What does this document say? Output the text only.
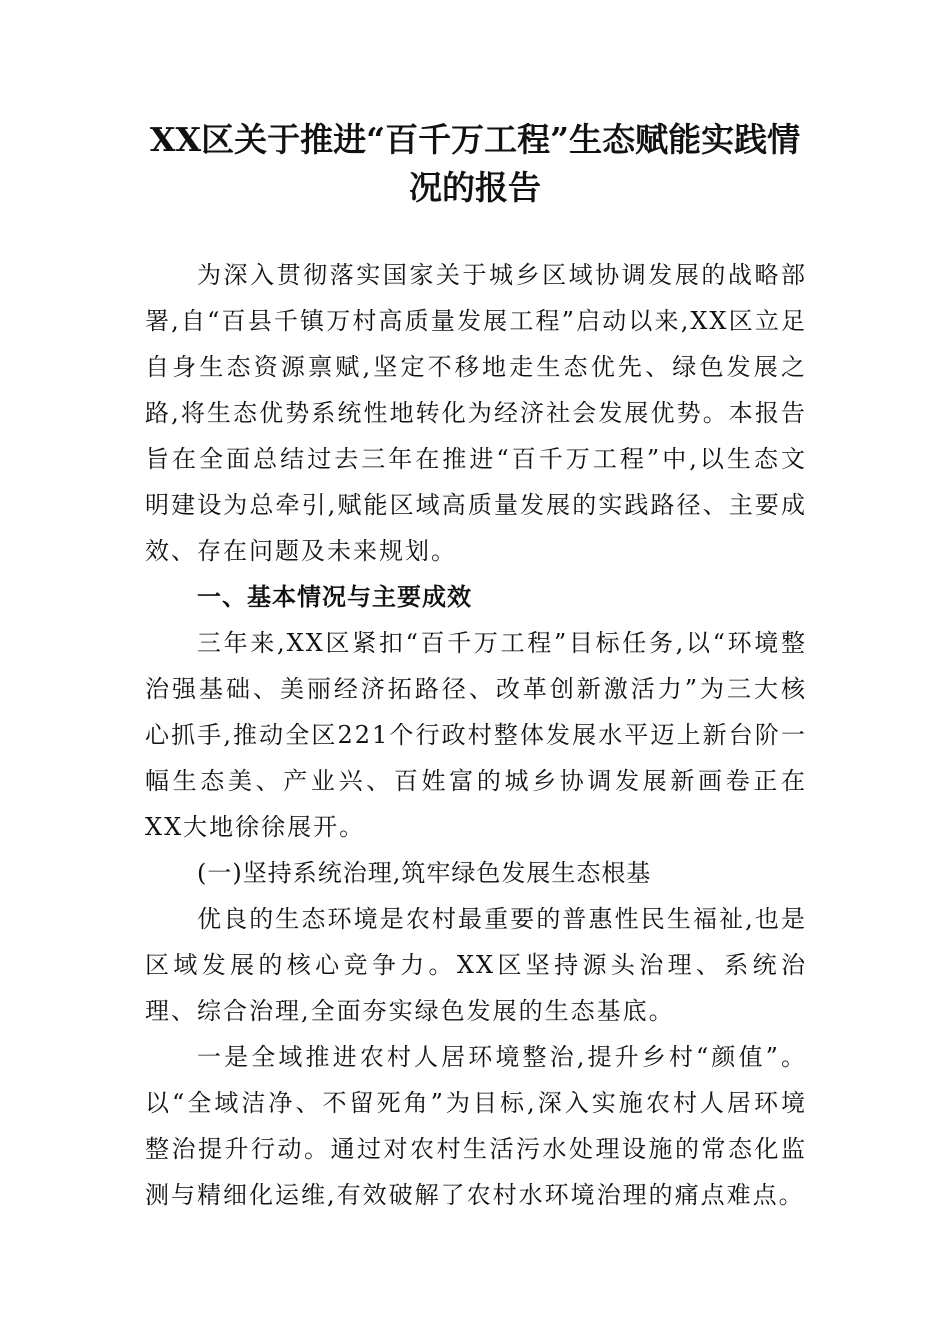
XX区关于推进“百千万工程”生态赋能实践情况的报告

为深入贯彻落实国家关于城乡区域协调发展的战略部署,自“百县千镇万村高质量发展工程”启动以来,XX区立足自身生态资源禀赋,坚定不移地走生态优先、绿色发展之路,将生态优势系统性地转化为经济社会发展优势。本报告旨在全面总结过去三年在推进“百千万工程”中,以生态文明建设为总牵引,赋能区域高质量发展的实践路径、主要成效、存在问题及未来规划。

一、基本情况与主要成效

三年来,XX区紧扣“百千万工程”目标任务,以“环境整治强基础、美丽经济拓路径、改革创新激活力”为三大核心抓手,推动全区221个行政村整体发展水平迈上新台阶一幅生态美、产业兴、百姓富的城乡协调发展新画卷正在XX大地徐徐展开。

(一)坚持系统治理,筑牢绿色发展生态根基

优良的生态环境是农村最重要的普惠性民生福祉,也是区域发展的核心竞争力。XX区坚持源头治理、系统治理、综合治理,全面夯实绿色发展的生态基底。

一是全域推进农村人居环境整治,提升乡村“颜值”。以“全域洁净、不留死角”为目标,深入实施农村人居环境整治提升行动。通过对农村生活污水处理设施的常态化监测与精细化运维,有效破解了农村水环境治理的痛点难点。
